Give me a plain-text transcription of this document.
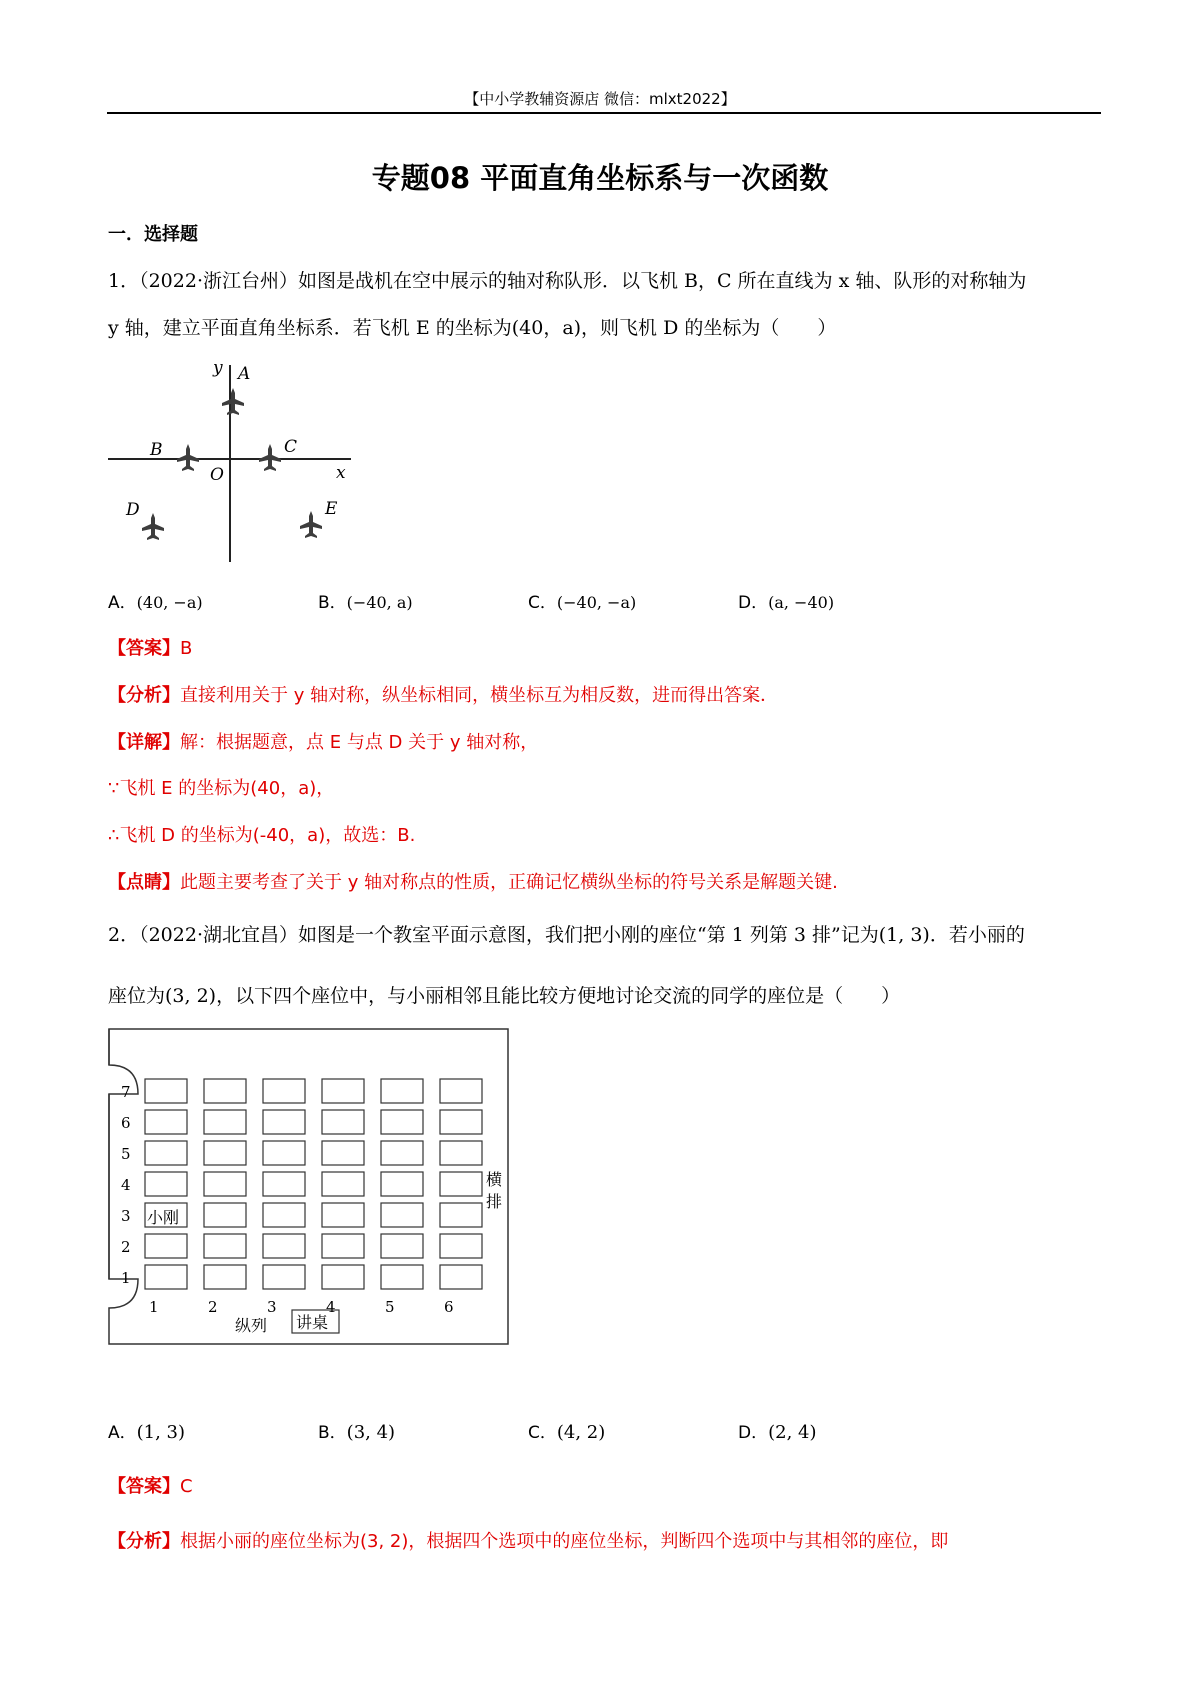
【中小学教辅资源店 微信：mlxt2022】
专题08 平面直角坐标系与一次函数
一．选择题
1．（2022·浙江台州）如图是战机在空中展示的轴对称队形．以飞机 B，C 所在直线为 x 轴、队形的对称轴为
y 轴，建立平面直角坐标系．若飞机 E 的坐标为(40，a)，则飞机 D 的坐标为（　　）
y A
B	C
O	x
D	E
A．(40, −a)	B．(−40, a)	C．(−40, −a)	D．(a, −40)
【答案】B
【分析】直接利用关于 y 轴对称，纵坐标相同，横坐标互为相反数，进而得出答案．
【详解】解：根据题意，点 E 与点 D 关于 y 轴对称，
∵飞机 E 的坐标为(40，a)，
∴飞机 D 的坐标为(-40，a)，故选：B.
【点睛】此题主要考查了关于 y 轴对称点的性质，正确记忆横纵坐标的符号关系是解题关键.
2．（2022·湖北宜昌）如图是一个教室平面示意图，我们把小刚的座位“第 1 列第 3 排”记为(1, 3)．若小丽的
座位为(3, 2)，以下四个座位中，与小丽相邻且能比较方便地讨论交流的同学的座位是（　　）
7
6
5
4
3
2
1
1	2	3	4	5	6
小刚
横
排
纵列 讲桌
A．(1, 3)	B．(3, 4)	C．(4, 2)	D．(2, 4)
【答案】C
【分析】根据小丽的座位坐标为(3, 2)，根据四个选项中的座位坐标，判断四个选项中与其相邻的座位，即
